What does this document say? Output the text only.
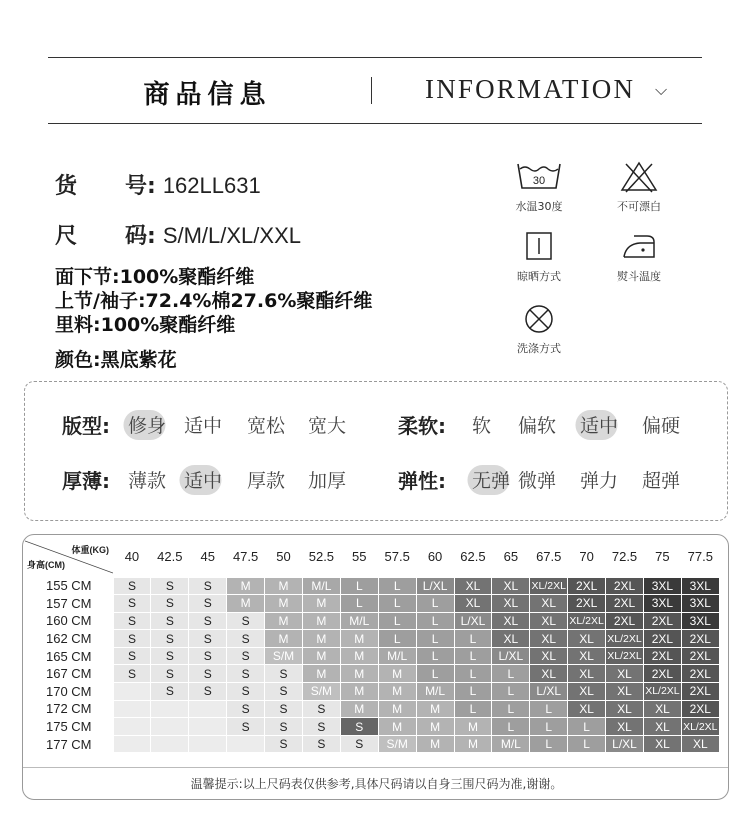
商品信息	INFORMATION ⌵
货 号: 162LL631
尺 码: S/M/L/XL/XXL
面下节:100%聚酯纤维
上节/袖子:72.4%棉27.6%聚酯纤维
里料:100%聚酯纤维
颜色:黑底紫花
30
水温30度	不可漂白
晾晒方式	熨斗温度
洗涤方式
版型: 修身 适中 宽松 宽大	柔软: 软 偏软 适中 偏硬
厚薄: 薄款 适中 厚款 加厚	弹性: 无弹 微弹 弹力 超弹
体重(KG)
身高(CM)	40	42.5	45	47.5	50	52.5	55	57.5	60	62.5	65	67.5	70	72.5	75	77.5
155 CM	S	S	S	M	M	M/L	L	L	L/XL	XL	XL	XL/2XL	2XL	2XL	3XL	3XL
157 CM	S	S	S	M	M	M	L	L	L	XL	XL	XL	2XL	2XL	3XL	3XL
160 CM	S	S	S	S	M	M	M/L	L	L	L/XL	XL	XL	XL/2XL	2XL	2XL	3XL
162 CM	S	S	S	S	M	M	M	L	L	L	XL	XL	XL	XL/2XL	2XL	2XL
165 CM	S	S	S	S	S/M	M	M	M/L	L	L	L/XL	XL	XL	XL/2XL	2XL	2XL
167 CM	S	S	S	S	S	M	M	M	L	L	L	XL	XL	XL	2XL	2XL
170 CM		S	S	S	S	S/M	M	M	M/L	L	L	L/XL	XL	XL	XL/2XL	2XL
172 CM				S	S	S	M	M	M	L	L	L	XL	XL	XL	2XL
175 CM				S	S	S	S	M	M	M	L	L	L	XL	XL	XL/2XL
177 CM					S	S	S	S/M	M	M	M/L	L	L	L/XL	XL	XL
温馨提示:以上尺码表仅供参考,具体尺码请以自身三围尺码为准,谢谢。
